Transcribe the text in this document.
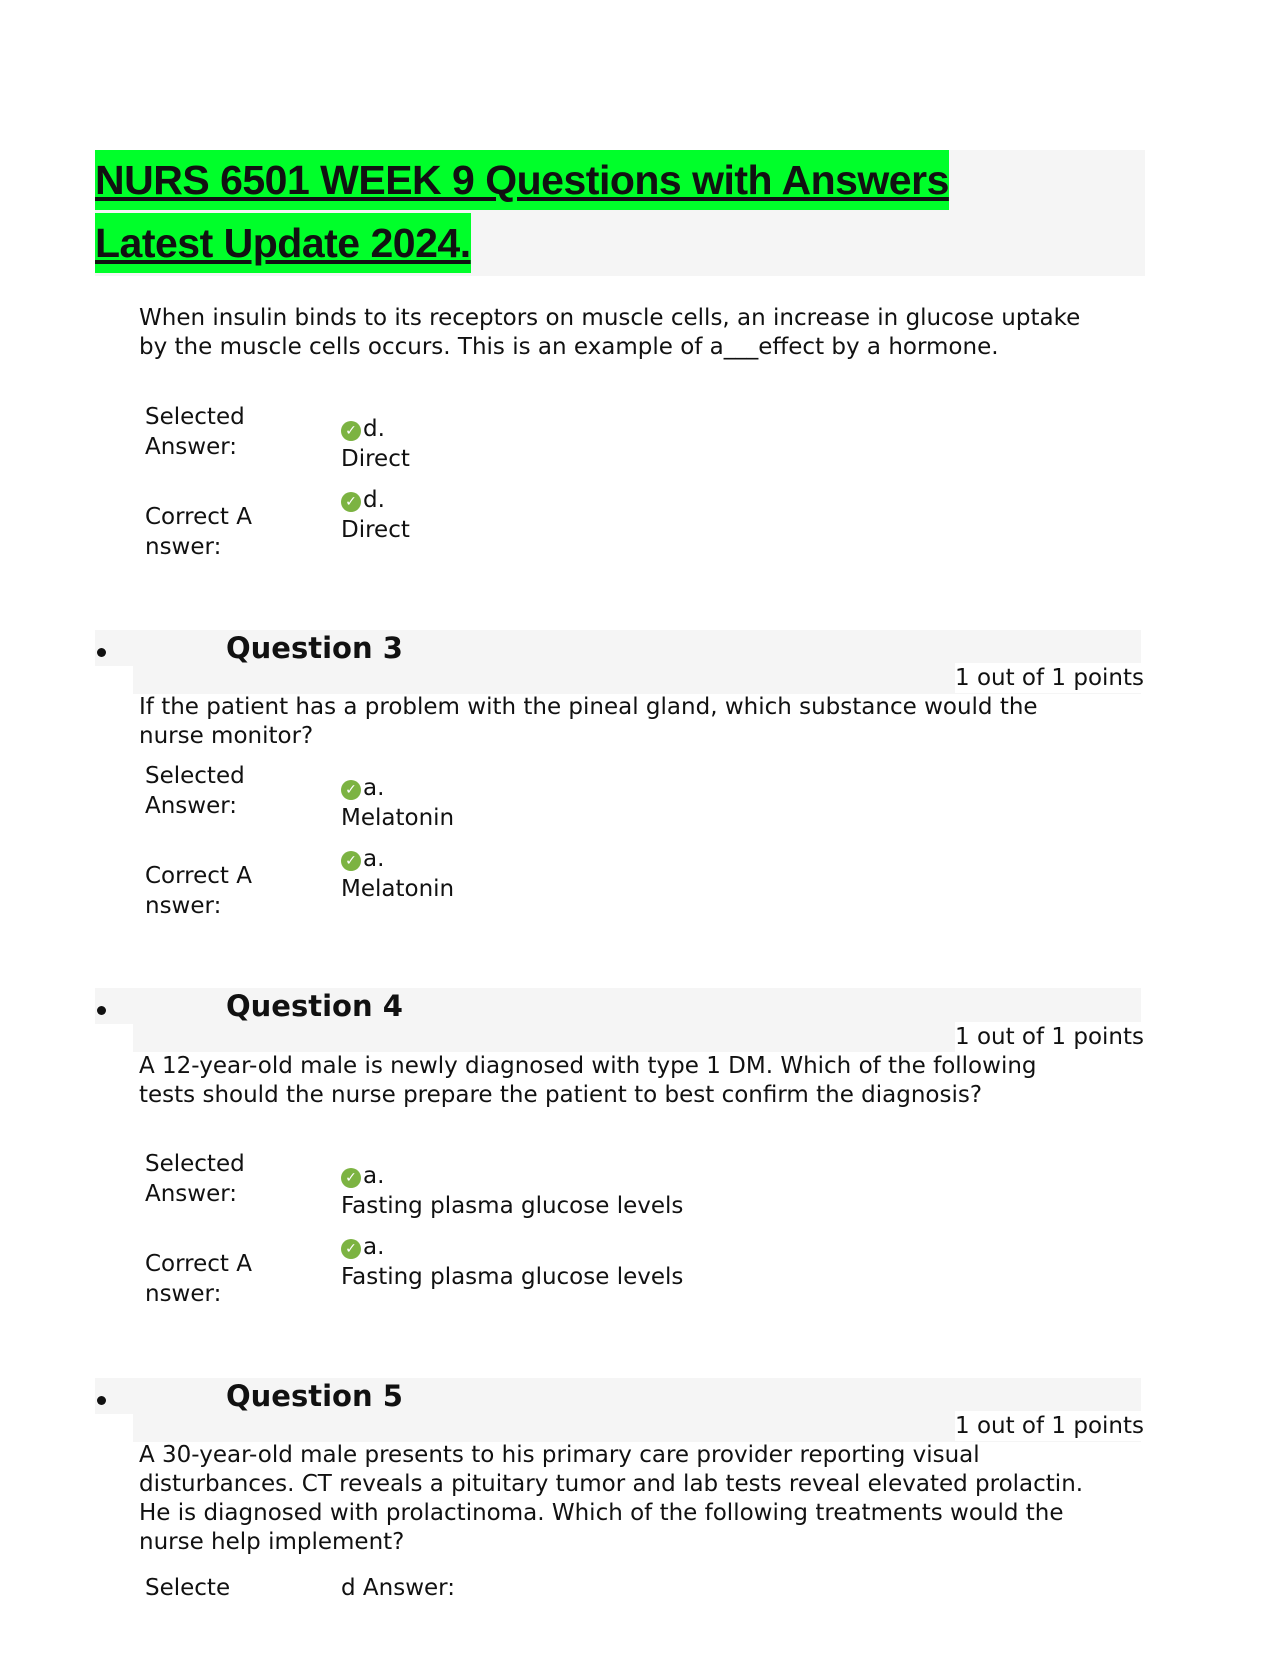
NURS 6501 WEEK 9 Questions with Answers
Latest Update 2024.
When insulin binds to its receptors on muscle cells, an increase in glucose uptake by the muscle cells occurs. This is an example of a___effect by a hormone.
Selected Answer:
Correct Answer:
✓ d.
Direct
✓ d.
Direct
Question 3
1 out of 1 points
If the patient has a problem with the pineal gland, which substance would the nurse monitor?
Selected Answer:
Correct Answer:
✓ a.
Melatonin
✓ a.
Melatonin
Question 4
1 out of 1 points
A 12-year-old male is newly diagnosed with type 1 DM. Which of the following tests should the nurse prepare the patient to best confirm the diagnosis?
Selected Answer:
Correct Answer:
✓ a.
Fasting plasma glucose levels
✓ a.
Fasting plasma glucose levels
Question 5
1 out of 1 points
A 30-year-old male presents to his primary care provider reporting visual disturbances. CT reveals a pituitary tumor and lab tests reveal elevated prolactin. He is diagnosed with prolactinoma. Which of the following treatments would the nurse help implement?
Selecte	d Answer:
